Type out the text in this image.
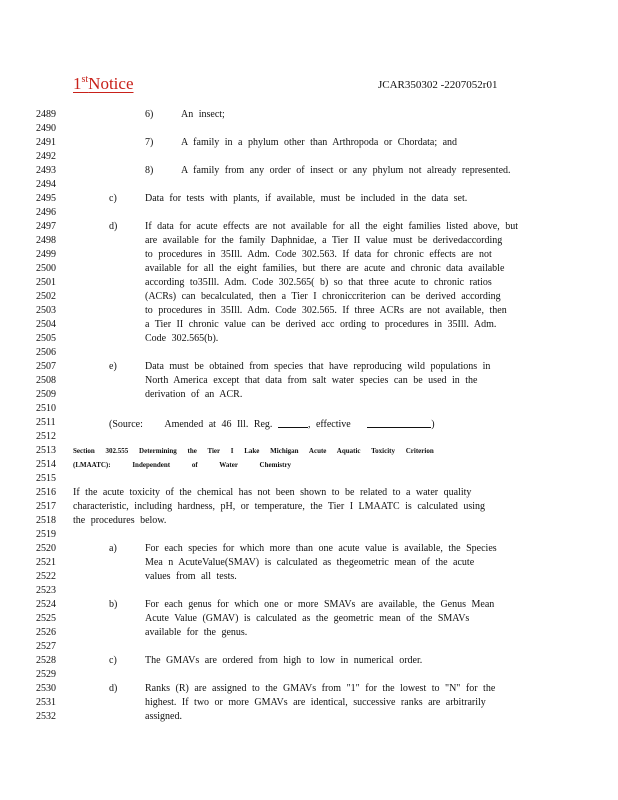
1stNotice	JCAR350302 -2207052r01
2489
2490
2491
2492
2493
2494
2495
2496
2497
2498
2499
2500
2501
2502
2503
2504
2505
2506
2507
2508
2509
2510
2511
2512
2513
2514
2515
2516
2517
2518
2519
2520
2521
2522
2523
2524
2525
2526
2527
2528
2529
2530
2531
2532
6)	An insect;
7)	A family in a phylum other than Arthropoda or Chordata; and
8)	A family from any order of insect or any phylum not already represented.
c)	Data for tests with plants, if available, must be included in the data set.
d)	If data for acute effects are not available for all the eight families listed above, but
are available for the family Daphnidae, a Tier II value must be derivedaccording
to procedures in 35Ill. Adm. Code 302.563. If data for chronic effects are not
available for all the eight families, but there are acute and chronic data available
according to35Ill. Adm. Code 302.565( b) so that three acute to chronic ratios
(ACRs) can becalculated, then a Tier I chroniccriterion can be derived according
to procedures in 35Ill. Adm. Code 302.565. If three ACRs are not available, then
a Tier II chronic value can be derived acc ording to procedures in 35Ill. Adm.
Code 302.565(b).
e)	Data must be obtained from species that have reproducing wild populations in
North America except that data from salt water species can be used in the
derivation of an ACR.
(Source: Amended at 46 Ill. Reg.	, effective	)
Section 302.555 Determining the Tier I Lake Michigan Acute Aquatic Toxicity Criterion
(LMAATC): Independent of Water Chemistry
If the acute toxicity of the chemical has not been shown to be related to a water quality
characteristic, including hardness, pH, or temperature, the Tier I LMAATC is calculated using
the procedures below.
a)	For each species for which more than one acute value is available, the Species
Mea n AcuteValue(SMAV) is calculated as thegeometric mean of the acute
values from all tests.
b)	For each genus for which one or more SMAVs are available, the Genus Mean
Acute Value (GMAV) is calculated as the geometric mean of the SMAVs
available for the genus.
c)	The GMAVs are ordered from high to low in numerical order.
d)	Ranks (R) are assigned to the GMAVs from "1" for the lowest to "N" for the
highest. If two or more GMAVs are identical, successive ranks are arbitrarily
assigned.
